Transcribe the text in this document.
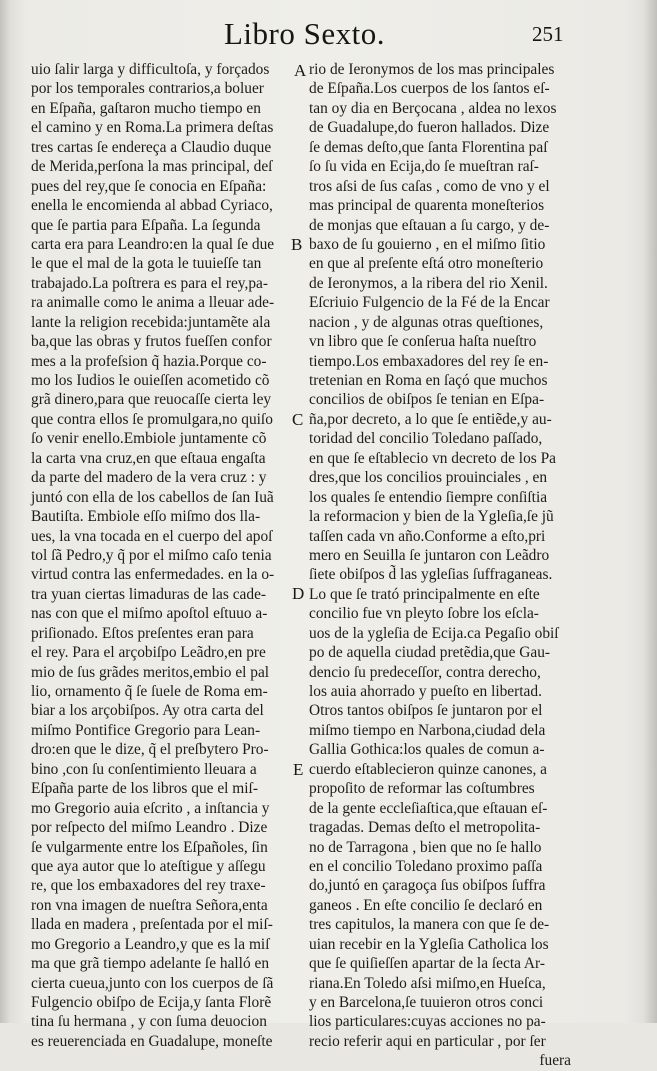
Libro Sexto.	251
A
B
C
D
E
uio ſalir larga y difficultoſa, y forçados
por los temporales contrarios,a boluer
en Eſpaña, gaſtaron mucho tiempo en
el camino y en Roma.La primera deſtas
tres cartas ſe endereça a Claudio duque
de Merida,perſona la mas principal, deſ
pues del rey,que ſe conocia en Eſpaña:
enella le encomienda al abbad Cyriaco,
que ſe partia para Eſpaña. La ſegunda
carta era para Leandro:en la qual ſe due
le que el mal de la gota le tuuieſſe tan
trabajado.La poſtrera es para el rey,pa-
ra animalle como le anima a lleuar ade-
lante la religion recebida:juntamẽte ala
ba,que las obras y frutos fueſſen confor
mes a la profeſsion q̃ hazia.Porque co-
mo los Iudios le ouieſſen acometido cõ
grã dinero,para que reuocaſſe cierta ley
que contra ellos ſe promulgara,no quiſo
ſo venir enello.Embiole juntamente cõ
la carta vna cruz,en que eſtaua engaſta
da parte del madero de la vera cruz : y
juntó con ella de los cabellos de ſan Iuã
Bautiſta. Embiole eſſo miſmo dos lla-
ues, la vna tocada en el cuerpo del apoſ
tol ſã Pedro,y q̃ por el miſmo caſo tenia
virtud contra las enfermedades. en la o-
tra yuan ciertas limaduras de las cade-
nas con que el miſmo apoſtol eſtuuo a-
priſionado. Eſtos preſentes eran para
el rey. Para el arçobiſpo Leãdro,en pre
mio de ſus grãdes meritos,embio el pal
lio, ornamento q̃ ſe ſuele de Roma em-
biar a los arçobiſpos. Ay otra carta del
miſmo Pontifice Gregorio para Lean-
dro:en que le dize, q̃ el preſbytero Pro-
bino ,con ſu conſentimiento lleuara a
Eſpaña parte de los libros que el miſ-
mo Gregorio auia eſcrito , a inſtancia y
por reſpecto del miſmo Leandro . Dize
ſe vulgarmente entre los Eſpañoles, ſin
que aya autor que lo ateſtigue y aſſegu
re, que los embaxadores del rey traxe-
ron vna imagen de nueſtra Señora,enta
llada en madera , preſentada por el miſ-
mo Gregorio a Leandro,y que es la miſ
ma que grã tiempo adelante ſe halló en
cierta cueua,junto con los cuerpos de ſã
Fulgencio obiſpo de Ecija,y ſanta Florẽ
tina ſu hermana , y con ſuma deuocion
es reuerenciada en Guadalupe, moneſte
rio de Ieronymos de los mas principales
de Eſpaña.Los cuerpos de los ſantos eſ-
tan oy dia en Berçocana , aldea no lexos
de Guadalupe,do fueron hallados. Dize
ſe demas deſto,que ſanta Florentina paſ
ſo ſu vida en Ecija,do ſe mueſtran raſ-
tros aſsi de ſus caſas , como de vno y el
mas principal de quarenta moneſterios
de monjas que eſtauan a ſu cargo, y de-
baxo de ſu gouierno , en el miſmo ſitio
en que al preſente eſtá otro moneſterio
de Ieronymos, a la ribera del rio Xenil.
Eſcriuio Fulgencio de la Fé de la Encar
nacion , y de algunas otras queſtiones,
vn libro que ſe conſerua haſta nueſtro
tiempo.Los embaxadores del rey ſe en-
tretenian en Roma en ſaçó que muchos
concilios de obiſpos ſe tenian en Eſpa-
ña,por decreto, a lo que ſe entiẽde,y au-
toridad del concilio Toledano paſſado,
en que ſe eſtablecio vn decreto de los Pa
dres,que los concilios prouinciales , en
los quales ſe entendio ſiempre conſiſtia
la reformacion y bien de la Ygleſia,ſe jũ
taſſen cada vn año.Conforme a eſto,pri
mero en Seuilla ſe juntaron con Leãdro
ſiete obiſpos d̃ las ygleſias ſuffraganeas.
Lo que ſe trató principalmente en eſte
concilio fue vn pleyto ſobre los eſcla-
uos de la ygleſia de Ecija.ca Pegaſio obiſ
po de aquella ciudad pretẽdia,que Gau-
dencio ſu predeceſſor, contra derecho,
los auia ahorrado y pueſto en libertad.
Otros tantos obiſpos ſe juntaron por el
miſmo tiempo en Narbona,ciudad dela
Gallia Gothica:los quales de comun a-
cuerdo eſtablecieron quinze canones, a
propoſito de reformar las coſtumbres
de la gente eccleſiaſtica,que eſtauan eſ-
tragadas. Demas deſto el metropolita-
no de Tarragona , bien que no ſe hallo
en el concilio Toledano proximo paſſa
do,juntó en çaragoça ſus obiſpos ſuffra
ganeos . En eſte concilio ſe declaró en
tres capitulos, la manera con que ſe de-
uian recebir en la Ygleſia Catholica los
que ſe quiſieſſen apartar de la ſecta Ar-
riana.En Toledo aſsi miſmo,en Hueſca,
y en Barcelona,ſe tuuieron otros conci
lios particulares:cuyas acciones no pa-
recio referir aqui en particular , por ſer
fuera
